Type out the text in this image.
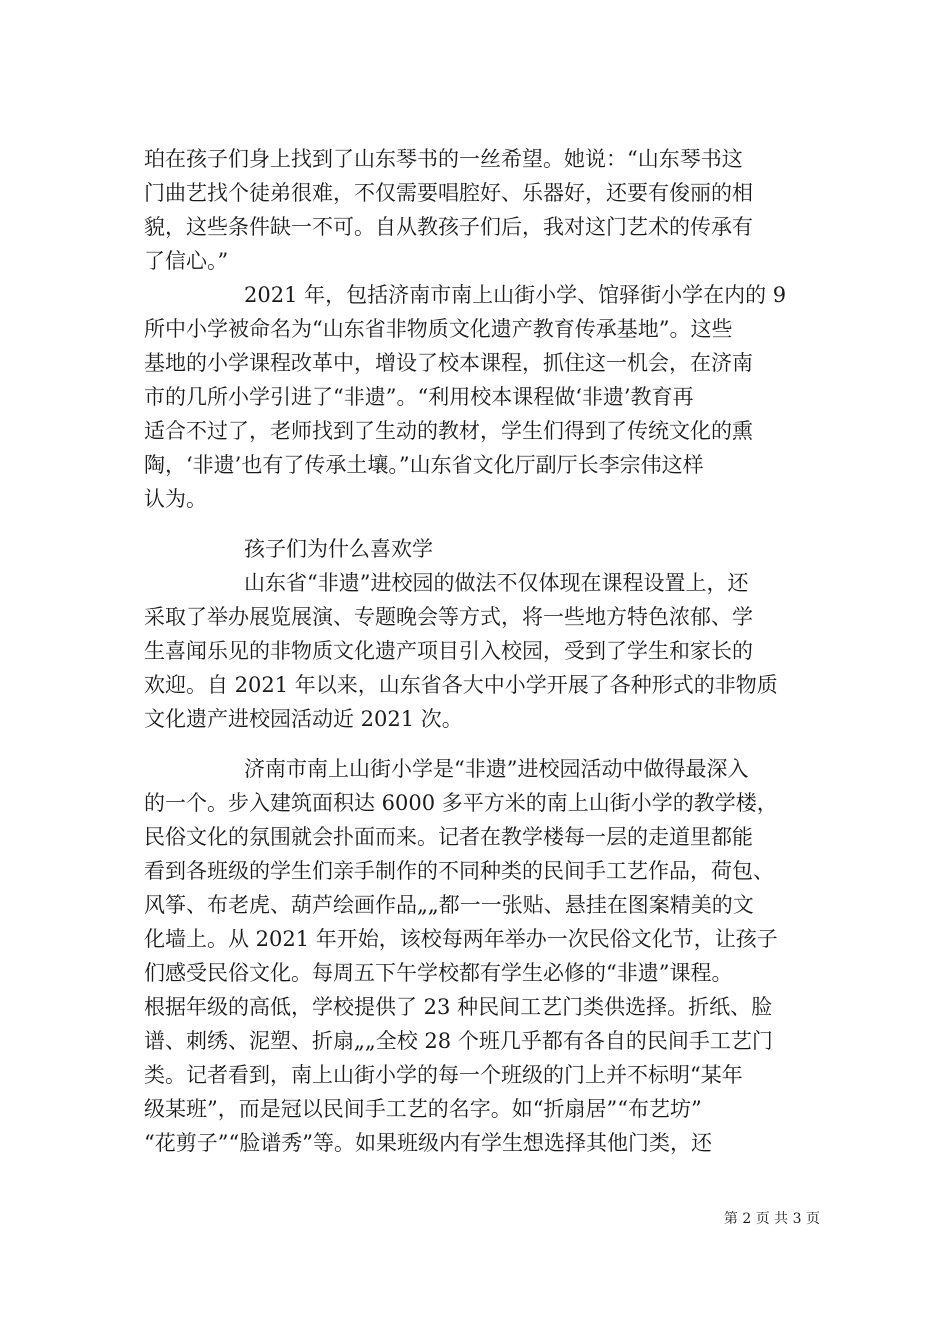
珀在孩子们身上找到了山东琴书的一丝希望。她说：“山东琴书这
门曲艺找个徒弟很难，不仅需要唱腔好、乐器好，还要有俊丽的相
貌，这些条件缺一不可。自从教孩子们后，我对这门艺术的传承有
了信心。”
2021 年，包括济南市南上山街小学、馆驿街小学在内的 9
所中小学被命名为“山东省非物质文化遗产教育传承基地”。这些
基地的小学课程改革中，增设了校本课程，抓住这一机会，在济南
市的几所小学引进了“非遗”。“利用校本课程做‘非遗’教育再
适合不过了，老师找到了生动的教材，学生们得到了传统文化的熏
陶，‘非遗’也有了传承土壤。”山东省文化厅副厅长李宗伟这样
认为。
孩子们为什么喜欢学
山东省“非遗”进校园的做法不仅体现在课程设置上，还
采取了举办展览展演、专题晚会等方式，将一些地方特色浓郁、学
生喜闻乐见的非物质文化遗产项目引入校园，受到了学生和家长的
欢迎。自 2021 年以来，山东省各大中小学开展了各种形式的非物质
文化遗产进校园活动近 2021 次。
济南市南上山街小学是“非遗”进校园活动中做得最深入
的一个。步入建筑面积达 6000 多平方米的南上山街小学的教学楼，
民俗文化的氛围就会扑面而来。记者在教学楼每一层的走道里都能
看到各班级的学生们亲手制作的不同种类的民间手工艺作品，荷包、
风筝、布老虎、葫芦绘画作品„„都一一张贴、悬挂在图案精美的文
化墙上。从 2021 年开始，该校每两年举办一次民俗文化节，让孩子
们感受民俗文化。每周五下午学校都有学生必修的“非遗”课程。
根据年级的高低，学校提供了 23 种民间工艺门类供选择。折纸、脸
谱、刺绣、泥塑、折扇„„全校 28 个班几乎都有各自的民间手工艺门
类。记者看到，南上山街小学的每一个班级的门上并不标明“某年
级某班”，而是冠以民间手工艺的名字。如“折扇居”“布艺坊”
“花剪子”“脸谱秀”等。如果班级内有学生想选择其他门类，还
第 2 页 共 3 页
